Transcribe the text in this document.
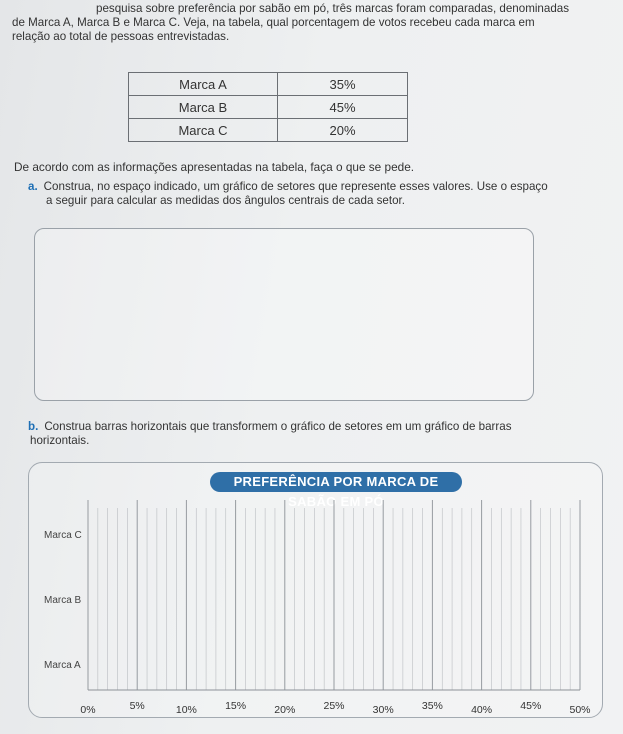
pesquisa sobre preferência por sabão em pó, três marcas foram comparadas, denominadas

de Marca A, Marca B e Marca C. Veja, na tabela, qual porcentagem de votos recebeu cada marca em

relação ao total de pessoas entrevistadas.

Marca A	35%
Marca B	45%
Marca C	20%
De acordo com as informações apresentadas na tabela, faça o que se pede.
a. Construa, no espaço indicado, um gráfico de setores que represente esses valores. Use o espaço
a seguir para calcular as medidas dos ângulos centrais de cada setor.
b. Construa barras horizontais que transformem o gráfico de setores em um gráfico de barras
horizontais.
PREFERÊNCIA POR MARCA DE SABÃO EM PÓ
Marca C
Marca B
Marca A
0%	5%	10%	15%	20%	25%	30%	35%	40%	45%	50%
